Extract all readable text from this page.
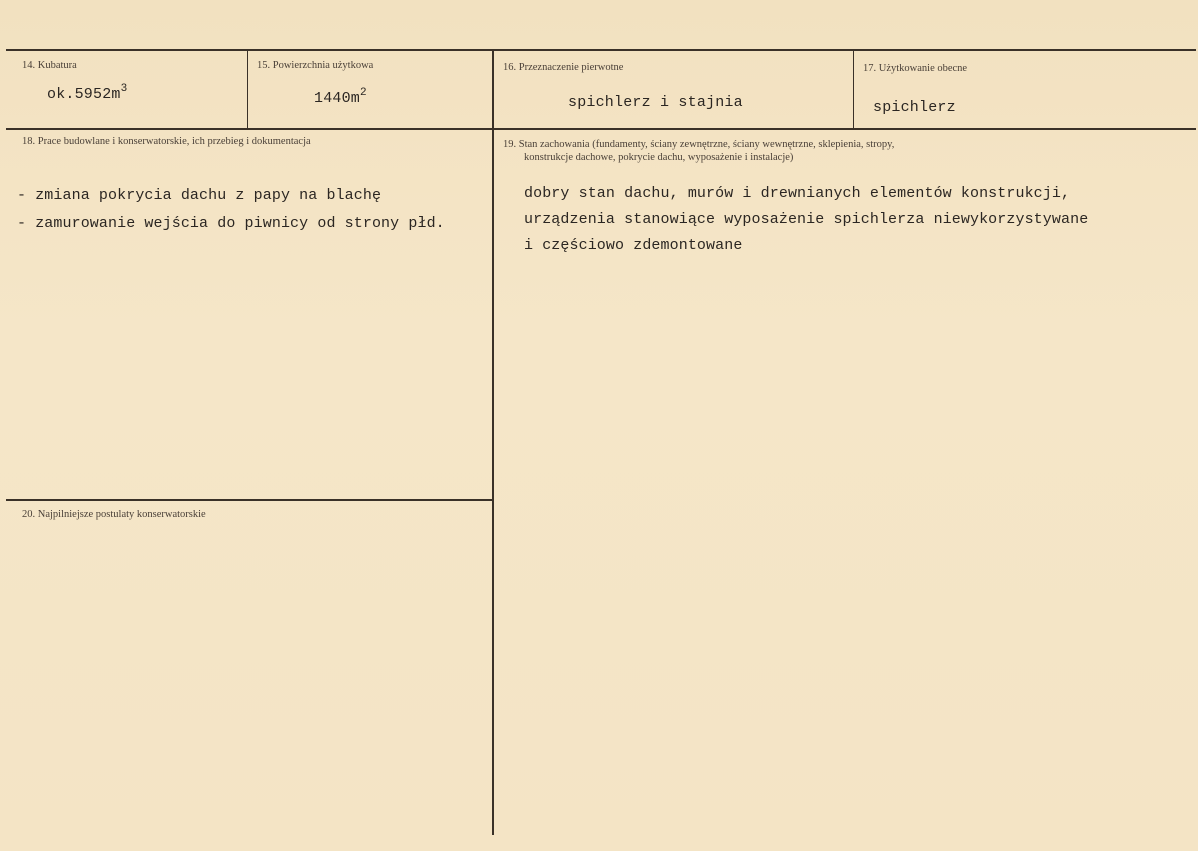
14. Kubatura
$ok.5952m^3$
15. Powierzchnia użytkowa
$1440m^2$
16. Przeznaczenie pierwotne
spichlerz i stajnia
17. Użytkowanie obecne
spichlerz
18. Prace budowlane i konserwatorskie, ich przebieg i dokumentacja
- zmiana pokrycia dachu z papy na blachę
- zamurowanie wejścia do piwnicy od strony płd.
19. Stan zachowania (fundamenty, ściany zewnętrzne, ściany wewnętrzne, sklepienia, stropy,
konstrukcje dachowe, pokrycie dachu, wyposażenie i instalacje)
dobry stan dachu, murów i drewnianych elementów konstrukcji,
urządzenia stanowiące wyposażenie spichlerza niewykorzystywane
i częściowo zdemontowane
20. Najpilniejsze postulaty konserwatorskie
